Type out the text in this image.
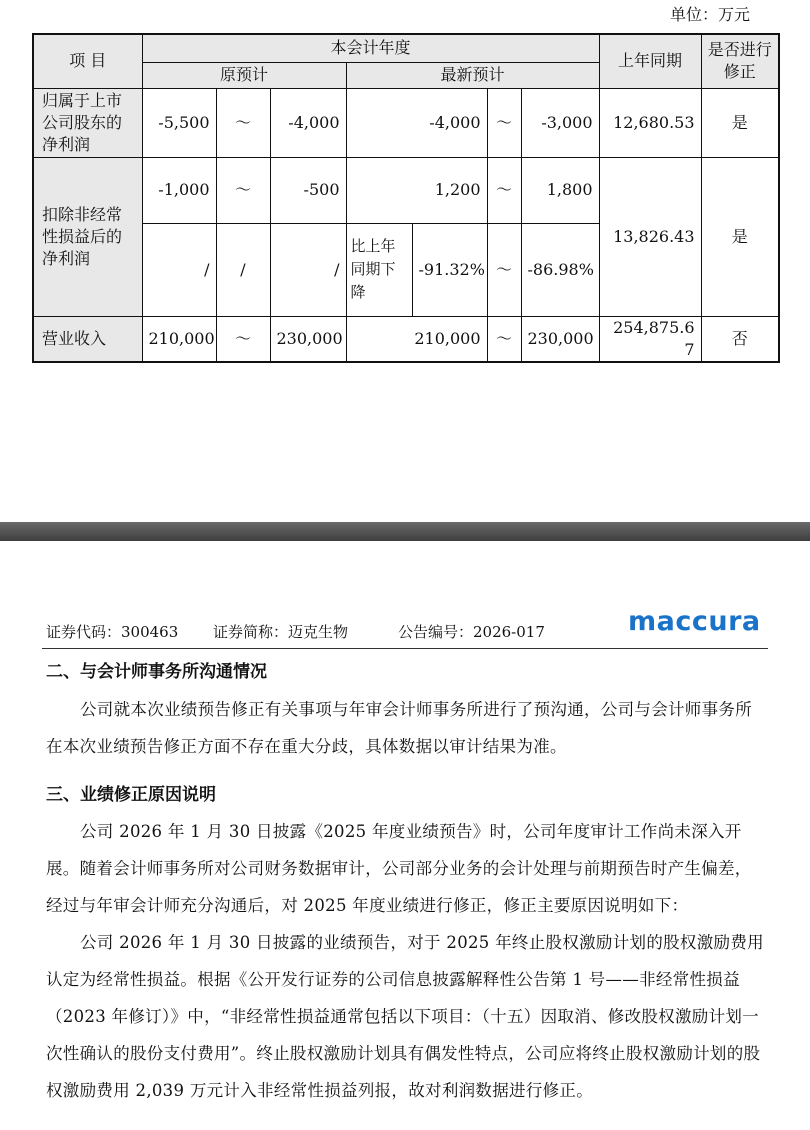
单位：万元
项 目	本会计年度							上年同期	是否进行修正
	原预计			最新预计					
归属于上市公司股东的净利润	-5,500	～	-4,000	-4,000		～	-3,000	12,680.53	是
扣除非经常性损益后的净利润	-1,000	～	-500	1,200		～	1,800	13,826.43	是
	/	/	/	比上年同期下降	-91.32%	～	-86.98%		
营业收入	210,000	～	230,000	210,000		～	230,000	254,875.67	否
证券代码：300463 证券简称：迈克生物	公告编号：2026-017	maccura
二、与会计师事务所沟通情况

公司就本次业绩预告修正有关事项与年审会计师事务所进行了预沟通，公司与会计师事务所在本次业绩预告修正方面不存在重大分歧，具体数据以审计结果为准。

三、业绩修正原因说明

公司 2026 年 1 月 30 日披露《2025 年度业绩预告》时，公司年度审计工作尚未深入开展。随着会计师事务所对公司财务数据审计，公司部分业务的会计处理与前期预告时产生偏差，经过与年审会计师充分沟通后，对 2025 年度业绩进行修正，修正主要原因说明如下：

公司 2026 年 1 月 30 日披露的业绩预告，对于 2025 年终止股权激励计划的股权激励费用认定为经常性损益。根据《公开发行证券的公司信息披露解释性公告第 1 号——非经常性损益（2023 年修订）》中，“非经常性损益通常包括以下项目：（十五）因取消、修改股权激励计划一次性确认的股份支付费用”。终止股权激励计划具有偶发性特点，公司应将终止股权激励计划的股权激励费用 2,039 万元计入非经常性损益列报，故对利润数据进行修正。
